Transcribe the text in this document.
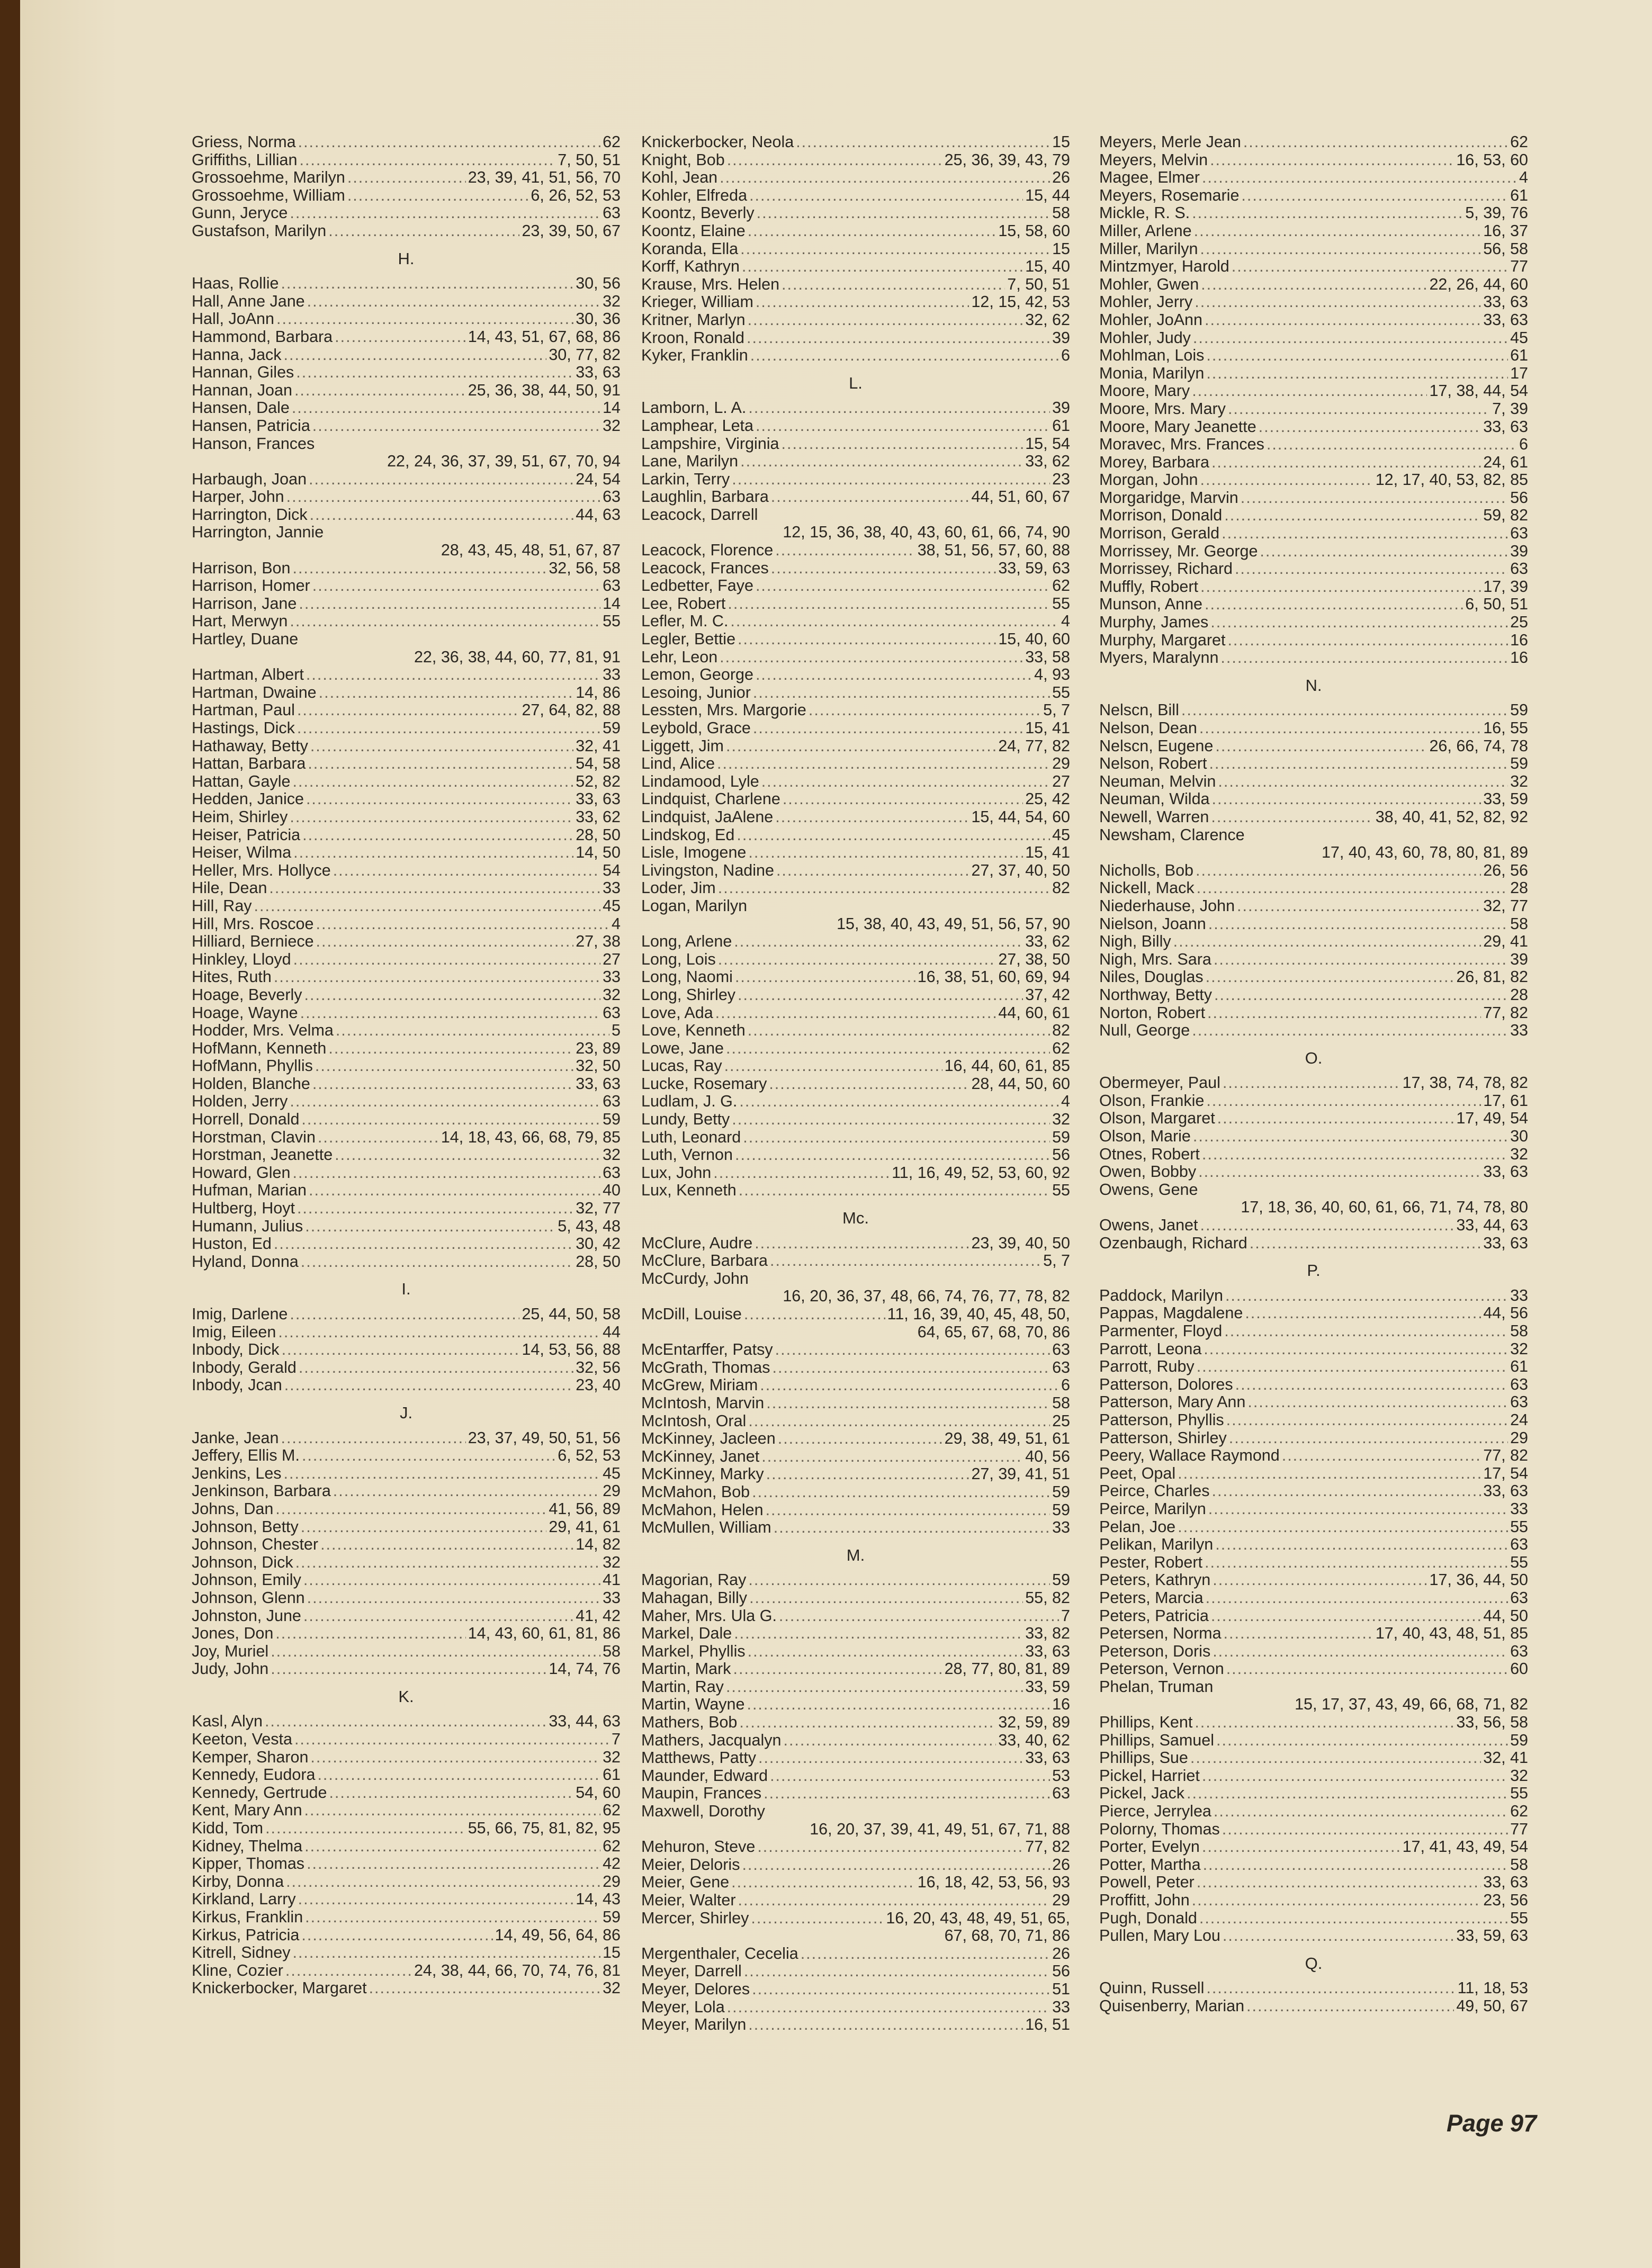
Griess, Norma .....	62
Griffiths, Lillian .....	7, 50, 51
Grossoehme, Marilyn .....	23, 39, 41, 51, 56, 70
Grossoehme, William .....	6, 26, 52, 53
Gunn, Jeryce .....	63
Gustafson, Marilyn .....	23, 39, 50, 67
H.
Haas, Rollie .....	30, 56
Hall, Anne Jane .....	32
Hall, JoAnn .....	30, 36
Hammond, Barbara .....	14, 43, 51, 67, 68, 86
Hanna, Jack .....	30, 77, 82
Hannan, Giles .....	33, 63
Hannan, Joan .....	25, 36, 38, 44, 50, 91
Hansen, Dale .....	14
Hansen, Patricia .....	32
Hanson, Frances
22, 24, 36, 37, 39, 51, 67, 70, 94
Harbaugh, Joan .....	24, 54
Harper, John .....	63
Harrington, Dick .....	44, 63
Harrington, Jannie
28, 43, 45, 48, 51, 67, 87
Harrison, Bon .....	32, 56, 58
Harrison, Homer .....	63
Harrison, Jane .....	14
Hart, Merwyn .....	55
Hartley, Duane
22, 36, 38, 44, 60, 77, 81, 91
Hartman, Albert .....	33
Hartman, Dwaine .....	14, 86
Hartman, Paul .....	27, 64, 82, 88
Hastings, Dick .....	59
Hathaway, Betty .....	32, 41
Hattan, Barbara .....	54, 58
Hattan, Gayle .....	52, 82
Hedden, Janice .....	33, 63
Heim, Shirley .....	33, 62
Heiser, Patricia .....	28, 50
Heiser, Wilma .....	14, 50
Heller, Mrs. Hollyce .....	54
Hile, Dean .....	33
Hill, Ray .....	45
Hill, Mrs. Roscoe .....	4
Hilliard, Berniece .....	27, 38
Hinkley, Lloyd .....	27
Hites, Ruth .....	33
Hoage, Beverly .....	32
Hoage, Wayne .....	63
Hodder, Mrs. Velma .....	5
HofMann, Kenneth .....	23, 89
HofMann, Phyllis .....	32, 50
Holden, Blanche .....	33, 63
Holden, Jerry .....	63
Horrell, Donald .....	59
Horstman, Clavin .....	14, 18, 43, 66, 68, 79, 85
Horstman, Jeanette .....	32
Howard, Glen .....	63
Hufman, Marian .....	40
Hultberg, Hoyt .....	32, 77
Humann, Julius .....	5, 43, 48
Huston, Ed .....	30, 42
Hyland, Donna .....	28, 50
I.
Imig, Darlene .....	25, 44, 50, 58
Imig, Eileen .....	44
Inbody, Dick .....	14, 53, 56, 88
Inbody, Gerald .....	32, 56
Inbody, Jcan .....	23, 40
J.
Janke, Jean .....	23, 37, 49, 50, 51, 56
Jeffery, Ellis M. .....	6, 52, 53
Jenkins, Les .....	45
Jenkinson, Barbara .....	29
Johns, Dan .....	41, 56, 89
Johnson, Betty .....	29, 41, 61
Johnson, Chester .....	14, 82
Johnson, Dick .....	32
Johnson, Emily .....	41
Johnson, Glenn .....	33
Johnston, June .....	41, 42
Jones, Don .....	14, 43, 60, 61, 81, 86
Joy, Muriel .....	58
Judy, John .....	14, 74, 76
K.
Kasl, Alyn .....	33, 44, 63
Keeton, Vesta .....	7
Kemper, Sharon .....	32
Kennedy, Eudora .....	61
Kennedy, Gertrude .....	54, 60
Kent, Mary Ann .....	62
Kidd, Tom .....	55, 66, 75, 81, 82, 95
Kidney, Thelma .....	62
Kipper, Thomas .....	42
Kirby, Donna .....	29
Kirkland, Larry .....	14, 43
Kirkus, Franklin .....	59
Kirkus, Patricia .....	14, 49, 56, 64, 86
Kitrell, Sidney .....	15
Kline, Cozier .....	24, 38, 44, 66, 70, 74, 76, 81
Knickerbocker, Margaret .....	32
Knickerbocker, Neola .....	15
Knight, Bob .....	25, 36, 39, 43, 79
Kohl, Jean .....	26
Kohler, Elfreda .....	15, 44
Koontz, Beverly .....	58
Koontz, Elaine .....	15, 58, 60
Koranda, Ella .....	15
Korff, Kathryn .....	15, 40
Krause, Mrs. Helen .....	7, 50, 51
Krieger, William .....	12, 15, 42, 53
Kritner, Marlyn .....	32, 62
Kroon, Ronald .....	39
Kyker, Franklin .....	6
L.
Lamborn, L. A. .....	39
Lamphear, Leta .....	61
Lampshire, Virginia .....	15, 54
Lane, Marilyn .....	33, 62
Larkin, Terry .....	23
Laughlin, Barbara .....	44, 51, 60, 67
Leacock, Darrell
12, 15, 36, 38, 40, 43, 60, 61, 66, 74, 90
Leacock, Florence .....	38, 51, 56, 57, 60, 88
Leacock, Frances .....	33, 59, 63
Ledbetter, Faye .....	62
Lee, Robert .....	55
Lefler, M. C. .....	4
Legler, Bettie .....	15, 40, 60
Lehr, Leon .....	33, 58
Lemon, George .....	4, 93
Lesoing, Junior .....	55
Lessten, Mrs. Margorie .....	5, 7
Leybold, Grace .....	15, 41
Liggett, Jim .....	24, 77, 82
Lind, Alice .....	29
Lindamood, Lyle .....	27
Lindquist, Charlene .....	25, 42
Lindquist, JaAlene .....	15, 44, 54, 60
Lindskog, Ed .....	45
Lisle, Imogene .....	15, 41
Livingston, Nadine .....	27, 37, 40, 50
Loder, Jim .....	82
Logan, Marilyn
15, 38, 40, 43, 49, 51, 56, 57, 90
Long, Arlene .....	33, 62
Long, Lois .....	27, 38, 50
Long, Naomi .....	16, 38, 51, 60, 69, 94
Long, Shirley .....	37, 42
Love, Ada .....	44, 60, 61
Love, Kenneth .....	82
Lowe, Jane .....	62
Lucas, Ray .....	16, 44, 60, 61, 85
Lucke, Rosemary .....	28, 44, 50, 60
Ludlam, J. G. .....	4
Lundy, Betty .....	32
Luth, Leonard .....	59
Luth, Vernon .....	56
Lux, John .....	11, 16, 49, 52, 53, 60, 92
Lux, Kenneth .....	55
Mc.
McClure, Audre .....	23, 39, 40, 50
McClure, Barbara .....	5, 7
McCurdy, John
16, 20, 36, 37, 48, 66, 74, 76, 77, 78, 82
McDill, Louise .....	11, 16, 39, 40, 45, 48, 50,
64, 65, 67, 68, 70, 86
McEntarffer, Patsy .....	63
McGrath, Thomas .....	63
McGrew, Miriam .....	6
McIntosh, Marvin .....	58
McIntosh, Oral .....	25
McKinney, Jacleen .....	29, 38, 49, 51, 61
McKinney, Janet .....	40, 56
McKinney, Marky .....	27, 39, 41, 51
McMahon, Bob .....	59
McMahon, Helen .....	59
McMullen, William .....	33
M.
Magorian, Ray .....	59
Mahagan, Billy .....	55, 82
Maher, Mrs. Ula G. .....	7
Markel, Dale .....	33, 82
Markel, Phyllis .....	33, 63
Martin, Mark .....	28, 77, 80, 81, 89
Martin, Ray .....	33, 59
Martin, Wayne .....	16
Mathers, Bob .....	32, 59, 89
Mathers, Jacqualyn .....	33, 40, 62
Matthews, Patty .....	33, 63
Maunder, Edward .....	53
Maupin, Frances .....	63
Maxwell, Dorothy
16, 20, 37, 39, 41, 49, 51, 67, 71, 88
Mehuron, Steve .....	77, 82
Meier, Deloris .....	26
Meier, Gene .....	16, 18, 42, 53, 56, 93
Meier, Walter .....	29
Mercer, Shirley .....	16, 20, 43, 48, 49, 51, 65,
67, 68, 70, 71, 86
Mergenthaler, Cecelia .....	26
Meyer, Darrell .....	56
Meyer, Delores .....	51
Meyer, Lola .....	33
Meyer, Marilyn .....	16, 51
Meyers, Merle Jean .....	62
Meyers, Melvin .....	16, 53, 60
Magee, Elmer .....	4
Meyers, Rosemarie .....	61
Mickle, R. S. .....	5, 39, 76
Miller, Arlene .....	16, 37
Miller, Marilyn .....	56, 58
Mintzmyer, Harold .....	77
Mohler, Gwen .....	22, 26, 44, 60
Mohler, Jerry .....	33, 63
Mohler, JoAnn .....	33, 63
Mohler, Judy .....	45
Mohlman, Lois .....	61
Monia, Marilyn .....	17
Moore, Mary .....	17, 38, 44, 54
Moore, Mrs. Mary .....	7, 39
Moore, Mary Jeanette .....	33, 63
Moravec, Mrs. Frances .....	6
Morey, Barbara .....	24, 61
Morgan, John .....	12, 17, 40, 53, 82, 85
Morgaridge, Marvin .....	56
Morrison, Donald .....	59, 82
Morrison, Gerald .....	63
Morrissey, Mr. George .....	39
Morrissey, Richard .....	63
Muffly, Robert .....	17, 39
Munson, Anne .....	6, 50, 51
Murphy, James .....	25
Murphy, Margaret .....	16
Myers, Maralynn .....	16
N.
Nelscn, Bill .....	59
Nelson, Dean .....	16, 55
Nelscn, Eugene .....	26, 66, 74, 78
Nelson, Robert .....	59
Neuman, Melvin .....	32
Neuman, Wilda .....	33, 59
Newell, Warren .....	38, 40, 41, 52, 82, 92
Newsham, Clarence
17, 40, 43, 60, 78, 80, 81, 89
Nicholls, Bob .....	26, 56
Nickell, Mack .....	28
Niederhause, John .....	32, 77
Nielson, Joann .....	58
Nigh, Billy .....	29, 41
Nigh, Mrs. Sara .....	39
Niles, Douglas .....	26, 81, 82
Northway, Betty .....	28
Norton, Robert .....	77, 82
Null, George .....	33
O.
Obermeyer, Paul .....	17, 38, 74, 78, 82
Olson, Frankie .....	17, 61
Olson, Margaret .....	17, 49, 54
Olson, Marie .....	30
Otnes, Robert .....	32
Owen, Bobby .....	33, 63
Owens, Gene
17, 18, 36, 40, 60, 61, 66, 71, 74, 78, 80
Owens, Janet .....	33, 44, 63
Ozenbaugh, Richard .....	33, 63
P.
Paddock, Marilyn .....	33
Pappas, Magdalene .....	44, 56
Parmenter, Floyd .....	58
Parrott, Leona .....	32
Parrott, Ruby .....	61
Patterson, Dolores .....	63
Patterson, Mary Ann .....	63
Patterson, Phyllis .....	24
Patterson, Shirley .....	29
Peery, Wallace Raymond .....	77, 82
Peet, Opal .....	17, 54
Peirce, Charles .....	33, 63
Peirce, Marilyn .....	33
Pelan, Joe .....	55
Pelikan, Marilyn .....	63
Pester, Robert .....	55
Peters, Kathryn .....	17, 36, 44, 50
Peters, Marcia .....	63
Peters, Patricia .....	44, 50
Petersen, Norma .....	17, 40, 43, 48, 51, 85
Peterson, Doris .....	63
Peterson, Vernon .....	60
Phelan, Truman
15, 17, 37, 43, 49, 66, 68, 71, 82
Phillips, Kent .....	33, 56, 58
Phillips, Samuel .....	59
Phillips, Sue .....	32, 41
Pickel, Harriet .....	32
Pickel, Jack .....	55
Pierce, Jerrylea .....	62
Polorny, Thomas .....	77
Porter, Evelyn .....	17, 41, 43, 49, 54
Potter, Martha .....	58
Powell, Peter .....	33, 63
Proffitt, John .....	23, 56
Pugh, Donald .....	55
Pullen, Mary Lou .....	33, 59, 63
Q.
Quinn, Russell .....	11, 18, 53
Quisenberry, Marian .....	49, 50, 67
Page 97
